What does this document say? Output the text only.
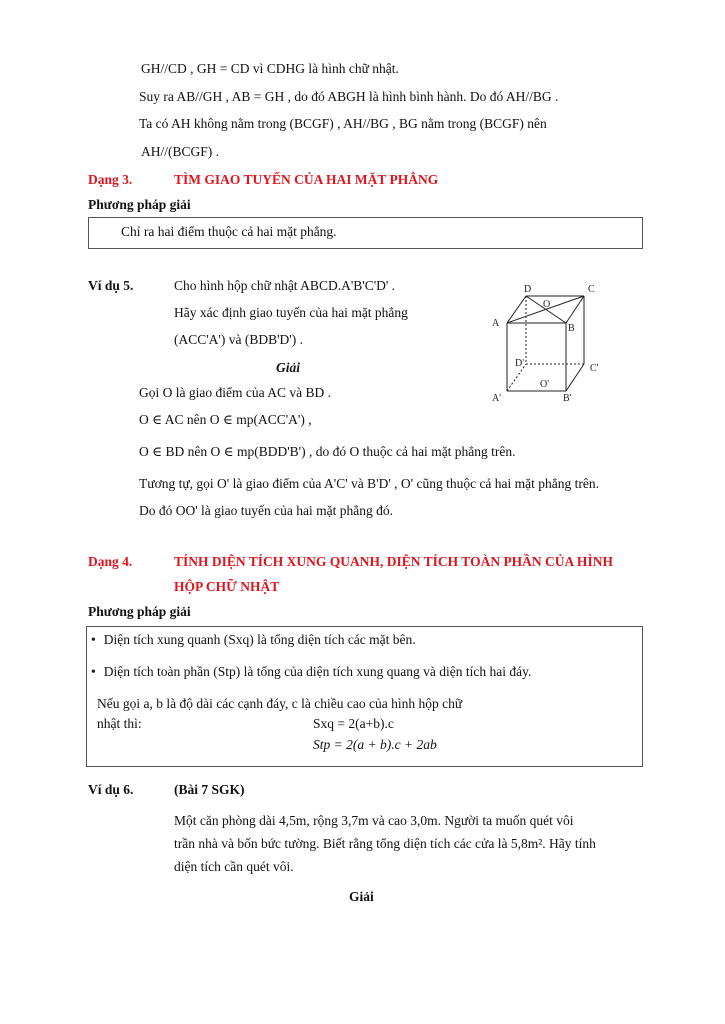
GH//CD , GH = CD vì CDHG là hình chữ nhật.
Suy ra AB//GH , AB = GH , do đó ABGH là hình bình hành. Do đó AH//BG .
Ta có AH không nằm trong (BCGF) , AH//BG , BG nằm trong (BCGF) nên
AH//(BCGF) .
Dạng 3.	TÌM GIAO TUYẾN CỦA HAI MẶT PHẲNG
Phương pháp giải
Chỉ ra hai điểm thuộc cả hai mặt phẳng.
Ví dụ 5.	Cho hình hộp chữ nhật ABCD.A'B'C'D' .
Hãy xác định giao tuyến của hai mặt phẳng
(ACC'A') và (BDB'D') .
Giải
D	C
O
A	B
D'	C'
O'
A'	B'
Gọi O là giao điểm của AC và BD .
O ∈ AC nên O ∈ mp(ACC'A') ,
O ∈ BD nên O ∈ mp(BDD'B') , do đó O thuộc cả hai mặt phẳng trên.
Tương tự, gọi O' là giao điểm của A'C' và B'D' , O' cũng thuộc cả hai mặt phẳng trên.
Do đó OO' là giao tuyến của hai mặt phẳng đó.
Dạng 4.	TÍNH DIỆN TÍCH XUNG QUANH, DIỆN TÍCH TOÀN PHẦN CỦA HÌNH
HỘP CHỮ NHẬT
Phương pháp giải
• Diện tích xung quanh (Sxq) là tổng diện tích các mặt bên.
• Diện tích toàn phần (Stp) là tổng của diện tích xung quang và diện tích hai đáy.
Nếu gọi a, b là độ dài các cạnh đáy, c là chiều cao của hình hộp chữ
nhật thì:	Sxq = 2(a+b).c
Stp = 2(a + b).c + 2ab
Ví dụ 6.	(Bài 7 SGK)
Một căn phòng dài 4,5m, rộng 3,7m và cao 3,0m. Người ta muốn quét vôi
trần nhà và bốn bức tường. Biết rằng tổng diện tích các cửa là 5,8m². Hãy tính
diện tích cần quét vôi.
Giải
